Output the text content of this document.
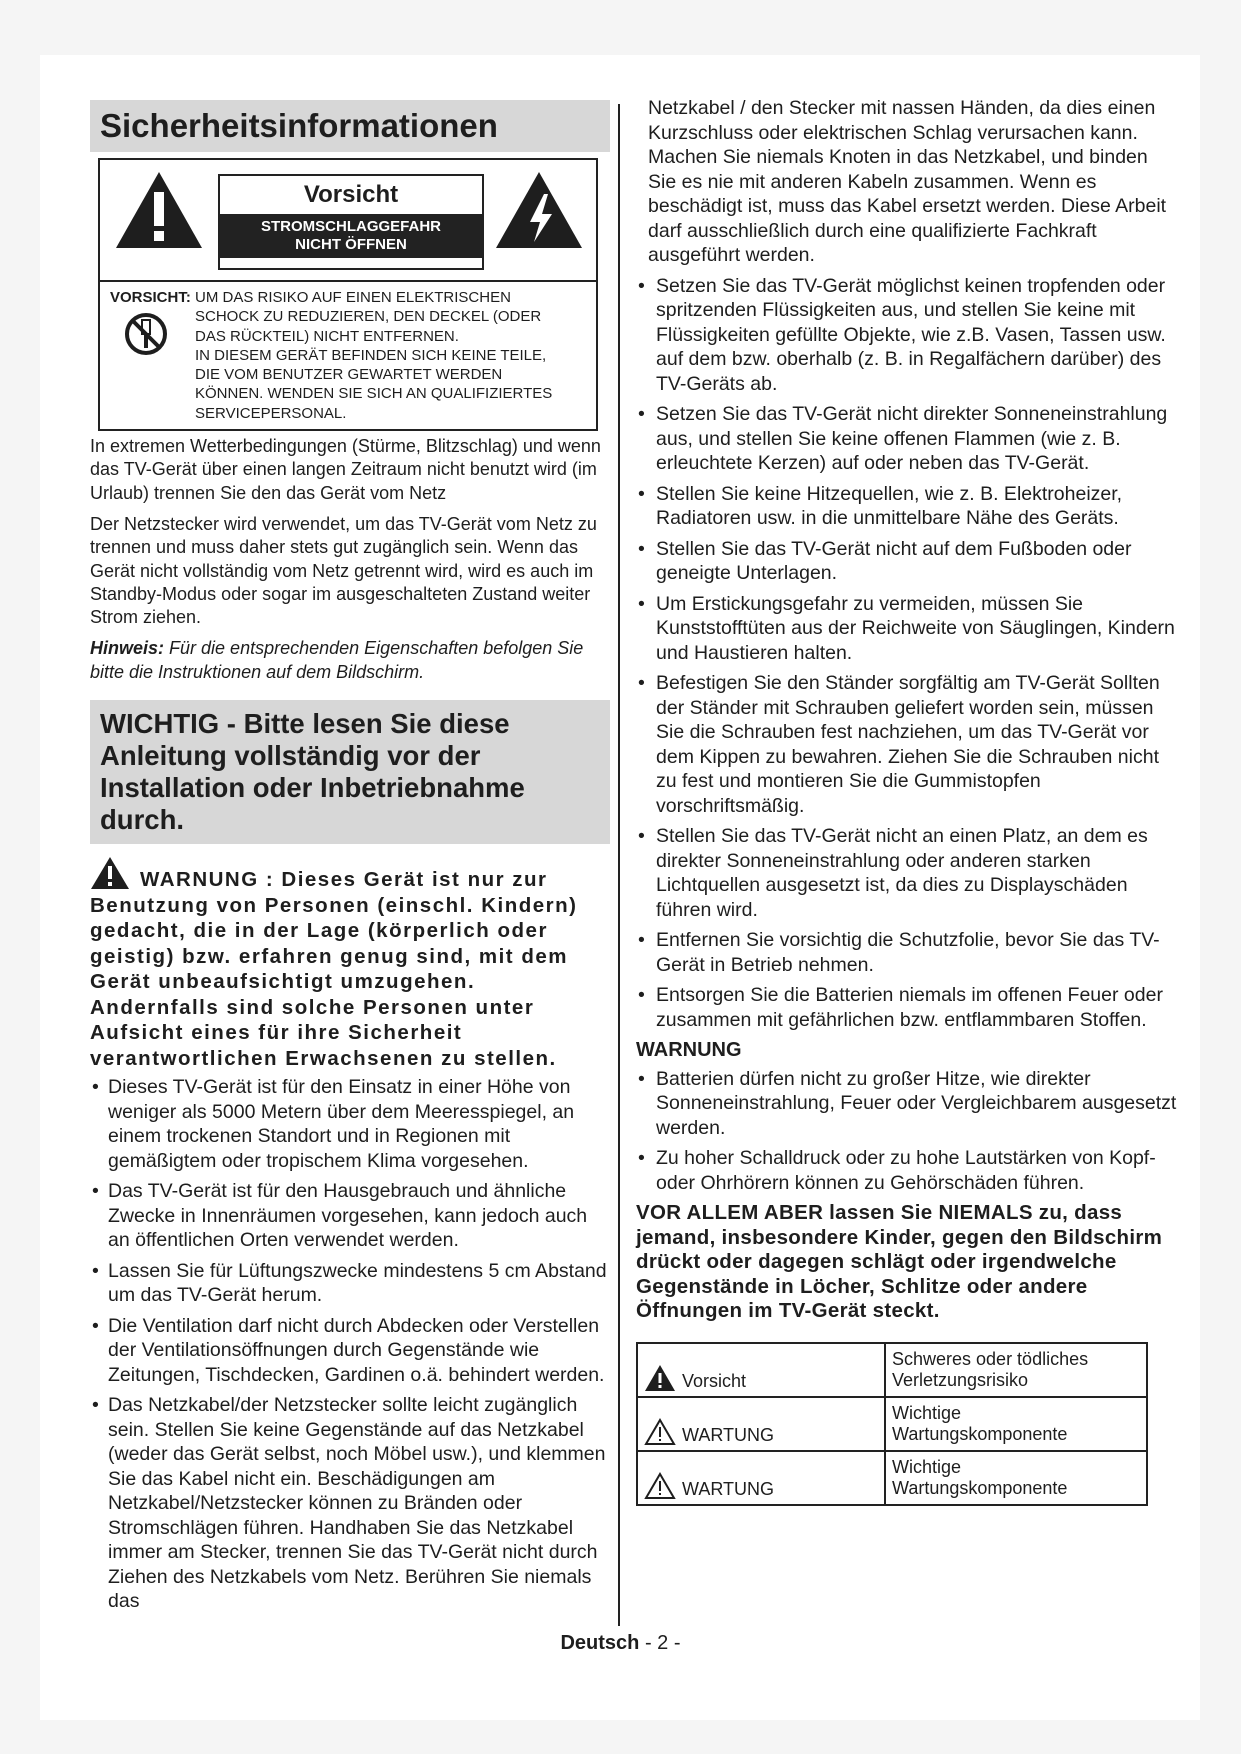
Sicherheitsinformationen
Vorsicht
STROMSCHLAGGEFAHR
NICHT ÖFFNEN
VORSICHT: UM DAS RISIKO AUF EINEN ELEKTRISCHEN
SCHOCK ZU REDUZIEREN, DEN DECKEL (ODER
DAS RÜCKTEIL) NICHT ENTFERNEN.
IN DIESEM GERÄT BEFINDEN SICH KEINE TEILE,
DIE VOM BENUTZER GEWARTET WERDEN
KÖNNEN. WENDEN SIE SICH AN QUALIFIZIERTES
SERVICEPERSONAL.

In extremen Wetterbedingungen (Stürme, Blitzschlag) und wenn das TV-Gerät über einen langen Zeitraum nicht benutzt wird (im Urlaub) trennen Sie den das Gerät vom Netz

Der Netzstecker wird verwendet, um das TV-Gerät vom Netz zu trennen und muss daher stets gut zugänglich sein. Wenn das Gerät nicht vollständig vom Netz getrennt wird, wird es auch im Standby-Modus oder sogar im ausgeschalteten Zustand weiter Strom ziehen.

Hinweis: Für die entsprechenden Eigenschaften befolgen Sie bitte die Instruktionen auf dem Bildschirm.

WICHTIG - Bitte lesen Sie diese Anleitung vollständig vor der Installation oder Inbetriebnahme durch.
WARNUNG : Dieses Gerät ist nur zur Benutzung von Personen (einschl. Kindern) gedacht, die in der Lage (körperlich oder geistig) bzw. erfahren genug sind, mit dem Gerät unbeaufsichtigt umzugehen. Andernfalls sind solche Personen unter Aufsicht eines für ihre Sicherheit verantwortlichen Erwachsenen zu stellen.
• Dieses TV-Gerät ist für den Einsatz in einer Höhe von weniger als 5000 Metern über dem Meeresspiegel, an einem trockenen Standort und in Regionen mit gemäßigtem oder tropischem Klima vorgesehen.
• Das TV-Gerät ist für den Hausgebrauch und ähnliche Zwecke in Innenräumen vorgesehen, kann jedoch auch an öffentlichen Orten verwendet werden.
• Lassen Sie für Lüftungszwecke mindestens 5 cm Abstand um das TV-Gerät herum.
• Die Ventilation darf nicht durch Abdecken oder Verstellen der Ventilationsöffnungen durch Gegenstände wie Zeitungen, Tischdecken, Gardinen o.ä. behindert werden.
• Das Netzkabel/der Netzstecker sollte leicht zugänglich sein. Stellen Sie keine Gegenstände auf das Netzkabel (weder das Gerät selbst, noch Möbel usw.), und klemmen Sie das Kabel nicht ein. Beschädigungen am Netzkabel/Netzstecker können zu Bränden oder Stromschlägen führen. Handhaben Sie das Netzkabel immer am Stecker, trennen Sie das TV-Gerät nicht durch Ziehen des Netzkabels vom Netz. Berühren Sie niemals das

Netzkabel / den Stecker mit nassen Händen, da dies einen Kurzschluss oder elektrischen Schlag verursachen kann. Machen Sie niemals Knoten in das Netzkabel, und binden Sie es nie mit anderen Kabeln zusammen. Wenn es beschädigt ist, muss das Kabel ersetzt werden. Diese Arbeit darf ausschließlich durch eine qualifizierte Fachkraft ausgeführt werden.

• Setzen Sie das TV-Gerät möglichst keinen tropfenden oder spritzenden Flüssigkeiten aus, und stellen Sie keine mit Flüssigkeiten gefüllte Objekte, wie z.B. Vasen, Tassen usw. auf dem bzw. oberhalb (z. B. in Regalfächern darüber) des TV-Geräts ab.
• Setzen Sie das TV-Gerät nicht direkter Sonneneinstrahlung aus, und stellen Sie keine offenen Flammen (wie z. B. erleuchtete Kerzen) auf oder neben das TV-Gerät.
• Stellen Sie keine Hitzequellen, wie z. B. Elektroheizer, Radiatoren usw. in die unmittelbare Nähe des Geräts.
• Stellen Sie das TV-Gerät nicht auf dem Fußboden oder geneigte Unterlagen.
• Um Erstickungsgefahr zu vermeiden, müssen Sie Kunststofftüten aus der Reichweite von Säuglingen, Kindern und Haustieren halten.
• Befestigen Sie den Ständer sorgfältig am TV-Gerät Sollten der Ständer mit Schrauben geliefert worden sein, müssen Sie die Schrauben fest nachziehen, um das TV-Gerät vor dem Kippen zu bewahren. Ziehen Sie die Schrauben nicht zu fest und montieren Sie die Gummistopfen vorschriftsmäßig.
• Stellen Sie das TV-Gerät nicht an einen Platz, an dem es direkter Sonneneinstrahlung oder anderen starken Lichtquellen ausgesetzt ist, da dies zu Displayschäden führen wird.
• Entfernen Sie vorsichtig die Schutzfolie, bevor Sie das TV-Gerät in Betrieb nehmen.
• Entsorgen Sie die Batterien niemals im offenen Feuer oder zusammen mit gefährlichen bzw. entflammbaren Stoffen.
WARNUNG
• Batterien dürfen nicht zu großer Hitze, wie direkter Sonneneinstrahlung, Feuer oder Vergleichbarem ausgesetzt werden.
• Zu hoher Schalldruck oder zu hohe Lautstärken von Kopf- oder Ohrhörern können zu Gehörschäden führen.
VOR ALLEM ABER lassen Sie NIEMALS zu, dass jemand, insbesondere Kinder, gegen den Bildschirm drückt oder dagegen schlägt oder irgendwelche Gegenstände in Löcher, Schlitze oder andere Öffnungen im TV-Gerät steckt.
Vorsicht	Schweres oder tödliches
Verletzungsrisiko

WARTUNG	Wichtige
Wartungskomponente

WARTUNG	Wichtige
Wartungskomponente
Deutsch - 2 -
